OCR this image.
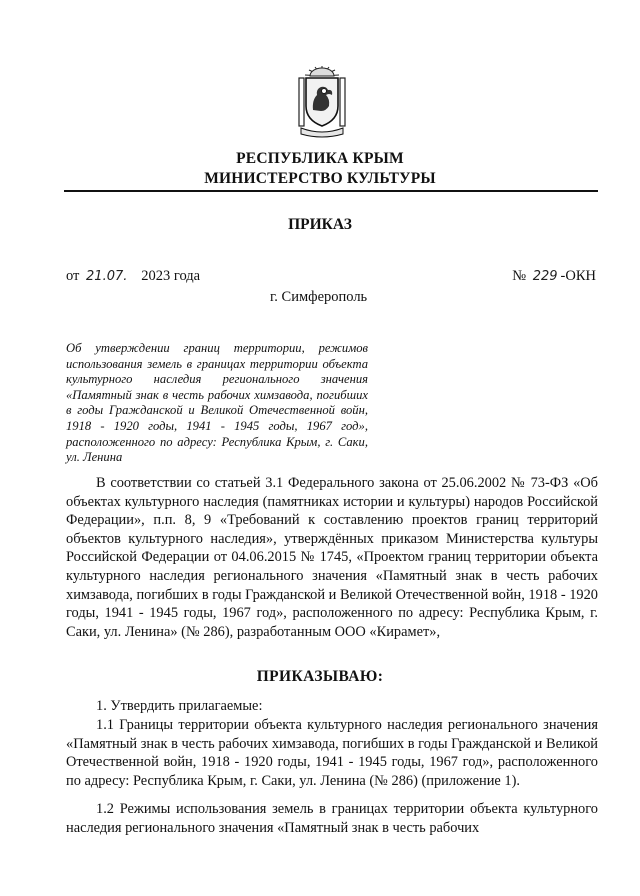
РЕСПУБЛИКА КРЫМ
МИНИСТЕРСТВО КУЛЬТУРЫ
ПРИКАЗ
от 21.07. 2023 года	№ 229 -ОКН
г. Симферополь
Об утверждении границ территории, режимов использования земель в границах территории объекта культурного наследия регионального значения «Памятный знак в честь рабочих химзавода, погибших в годы Гражданской и Великой Отечественной войн, 1918 - 1920 годы, 1941 - 1945 годы, 1967 год», расположенного по адресу: Республика Крым, г. Саки, ул. Ленина
В соответствии со статьей 3.1 Федерального закона от 25.06.2002 № 73-ФЗ «Об объектах культурного наследия (памятниках истории и культуры) народов Российской Федерации», п.п. 8, 9 «Требований к составлению проектов границ территорий объектов культурного наследия», утверждённых приказом Министерства культуры Российской Федерации от 04.06.2015 № 1745, «Проектом границ территории объекта культурного наследия регионального значения «Памятный знак в честь рабочих химзавода, погибших в годы Гражданской и Великой Отечественной войн, 1918 - 1920 годы, 1941 - 1945 годы, 1967 год», расположенного по адресу: Республика Крым, г. Саки, ул. Ленина» (№ 286), разработанным ООО «Кирамет»,
ПРИКАЗЫВАЮ:
1. Утвердить прилагаемые:
1.1 Границы территории объекта культурного наследия регионального значения «Памятный знак в честь рабочих химзавода, погибших в годы Гражданской и Великой Отечественной войн, 1918 - 1920 годы, 1941 - 1945 годы, 1967 год», расположенного по адресу: Республика Крым, г. Саки, ул. Ленина (№ 286) (приложение 1).
1.2 Режимы использования земель в границах территории объекта культурного наследия регионального значения «Памятный знак в честь рабочих
